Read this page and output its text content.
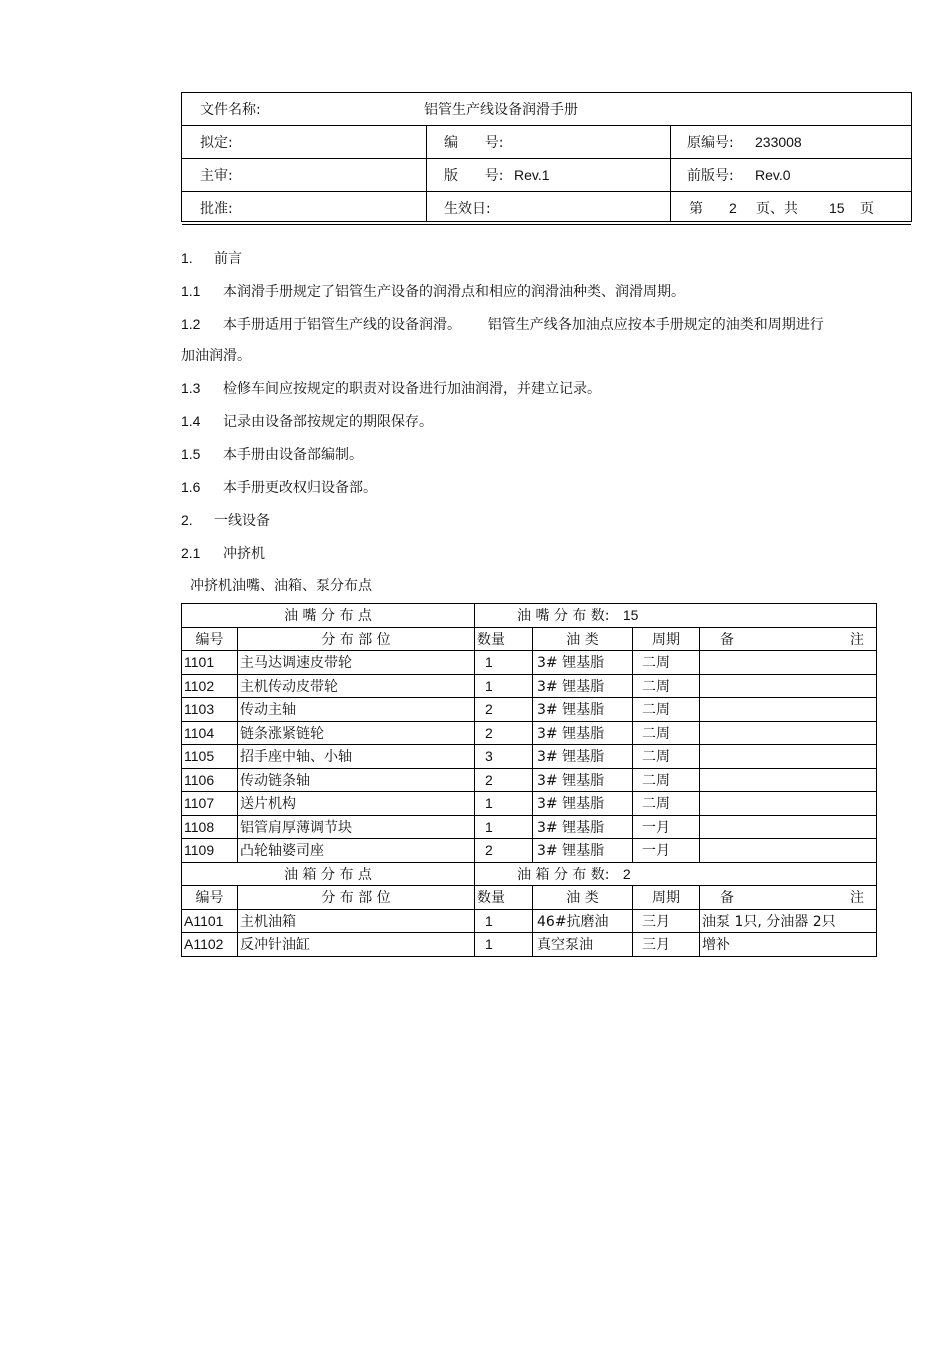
文件名称:	铝管生产线设备润滑手册
拟定:	编      号:	原编号: 233008
主审:	版      号: Rev.1	前版号: Rev.0
批准:	生效日:	第 2 页、共 15 页
1. 前言
1.1 本润滑手册规定了铝管生产设备的润滑点和相应的润滑油种类、润滑周期。
1.2 本手册适用于铝管生产线的设备润滑。      铝管生产线各加油点应按本手册规定的油类和周期进行
加油润滑。
1.3 检修车间应按规定的职责对设备进行加油润滑，并建立记录。
1.4 记录由设备部按规定的期限保存。
1.5 本手册由设备部编制。
1.6 本手册更改权归设备部。
2. 一线设备
2.1 冲挤机
冲挤机油嘴、油箱、泵分布点
油 嘴 分 布 点		油 嘴 分 布 数: 15			
编号	分 布 部 位	数量	油 类	周期	备 注

1101	主马达调速皮带轮	1	3# 锂基脂	二周	
1102	主机传动皮带轮	1	3# 锂基脂	二周	
1103	传动主轴	2	3# 锂基脂	二周	
1104	链条涨紧链轮	2	3# 锂基脂	二周	
1105	招手座中轴、小轴	3	3# 锂基脂	二周	
1106	传动链条轴	2	3# 锂基脂	二周	
1107	送片机构	1	3# 锂基脂	二周	
1108	铝管肩厚薄调节块	1	3# 锂基脂	一月	
1109	凸轮轴婆司座	2	3# 锂基脂	一月	
油 箱 分 布 点		油 箱 分 布 数: 2			
编号	分 布 部 位	数量	油 类	周期	备 注

A1101	主机油箱	1	46#抗磨油	三月	油泵 1只, 分油器 2只
A1102	反冲针油缸	1	真空泵油	三月	增补
